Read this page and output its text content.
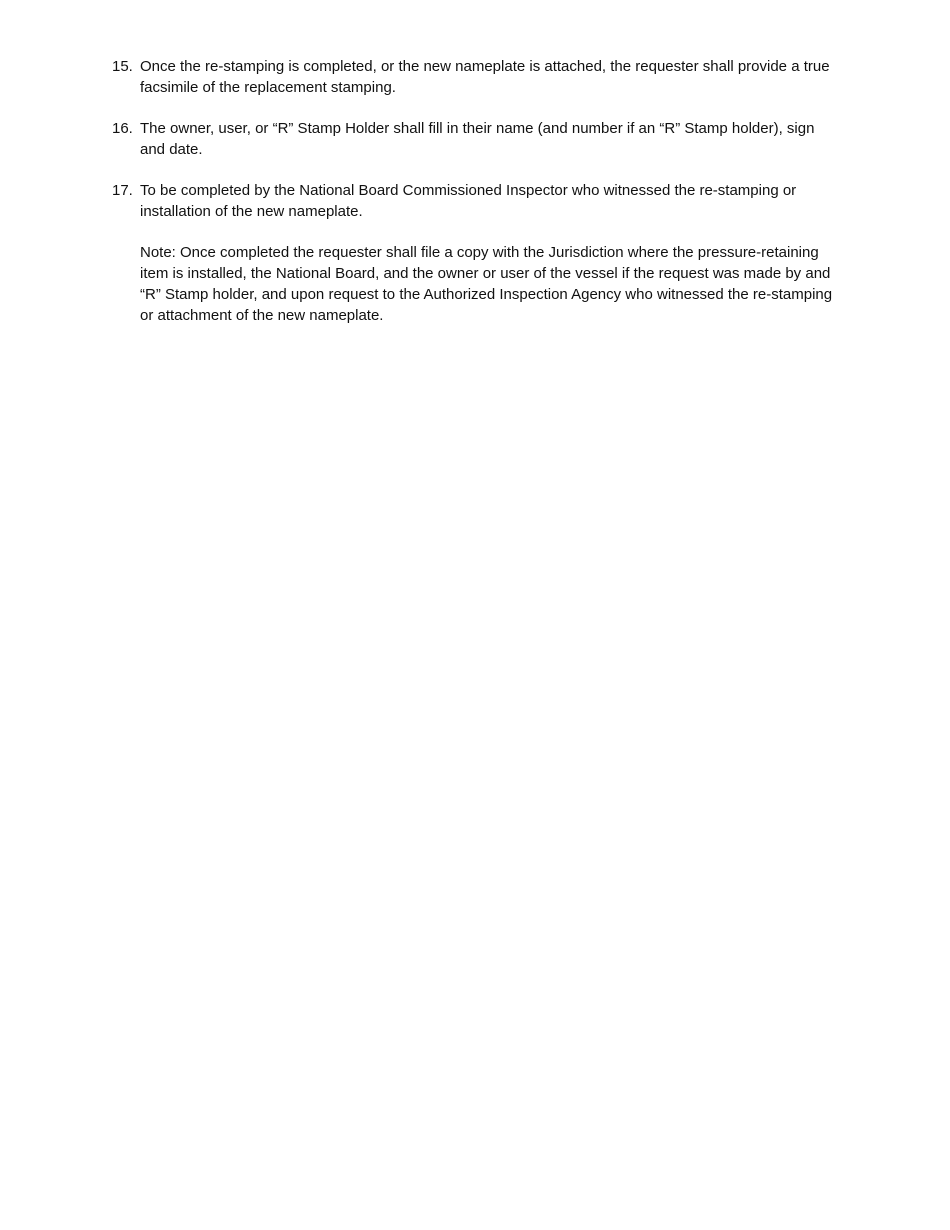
15. Once the re-stamping is completed, or the new nameplate is attached, the requester shall provide a true facsimile of the replacement stamping.
16. The owner, user, or “R” Stamp Holder shall fill in their name (and number if an “R” Stamp holder), sign and date.
17. To be completed by the National Board Commissioned Inspector who witnessed the re-stamping or installation of the new nameplate.
Note: Once completed the requester shall file a copy with the Jurisdiction where the pressure-retaining item is installed, the National Board, and the owner or user of the vessel if the request was made by and “R” Stamp holder, and upon request to the Authorized Inspection Agency who witnessed the re-stamping or attachment of the new nameplate.
